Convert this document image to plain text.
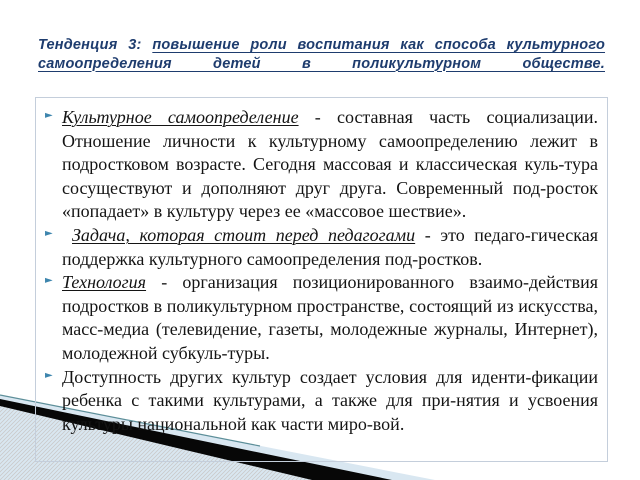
Тенденция 3: повышение роли воспитания как способа культурного
самоопределения детей в поликультурном обществе.
► Культурное самоопределение - составная часть социализации. Отношение личности к культурному самоопределению лежит в подростковом возрасте. Сегодня массовая и классическая куль-тура сосуществуют и дополняют друг друга. Современный под-росток «попадает» в культуру через ее «массовое шествие».
► Задача, которая стоит перед педагогами - это педаго-гическая поддержка культурного самоопределения под-ростков.
► Технология - организация позиционированного взаимо-действия подростков в поликультурном пространстве, состоящий из искусства, масс-медиа (телевидение, газеты, молодежные журналы, Интернет), молодежной субкуль-туры.
► Доступность других культур создает условия для иденти-фикации ребенка с такими культурами, а также для при-нятия и усвоения культуры национальной как части миро-вой.
